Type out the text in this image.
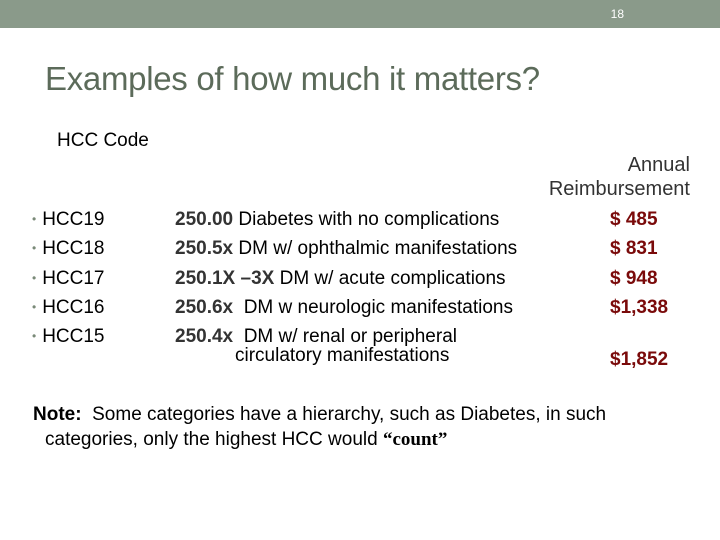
18
Examples of how much it matters?
HCC Code
Annual
Reimbursement
• HCC19
• HCC18
• HCC17
• HCC16
• HCC15
250.00 Diabetes with no complications
250.5x DM w/ ophthalmic manifestations
250.1X –3X DM w/ acute complications
250.6x DM w neurologic manifestations
250.4x DM w/ renal or peripheral
circulatory manifestations
$ 485
$ 831
$ 948
$1,338
$1,852
Note: Some categories have a hierarchy, such as Diabetes, in such
categories, only the highest HCC would “count”
